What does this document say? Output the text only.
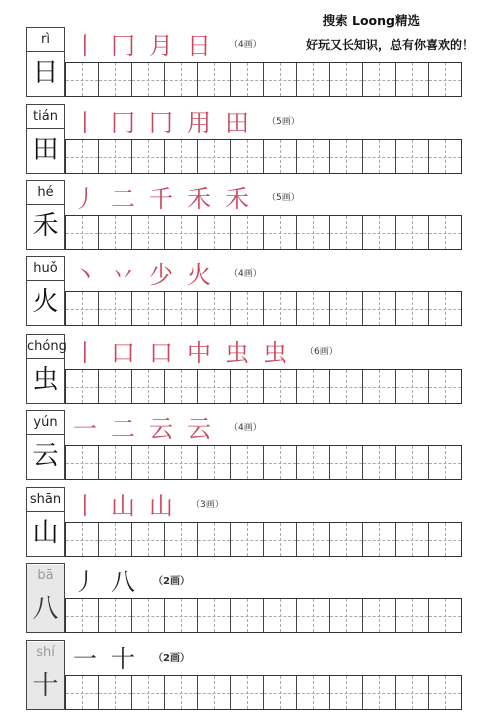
搜索 Loong精选
好玩又长知识，总有你喜欢的！
rì
日
丨 冂 月 日 （4画）
tián
田
丨 冂 冂 用 田 （5画）
hé
禾
丿 二 千 禾 禾 （5画）
huǒ
火
丶 丷 少 火 （4画）
chóng
虫
丨 口 口 中 虫 虫 （6画）
yún
云
一 二 云 云 （4画）
shān
山
丨 山 山 （3画）
bā
八
丿 八 （2画）
shí
十
一 十 （2画）
